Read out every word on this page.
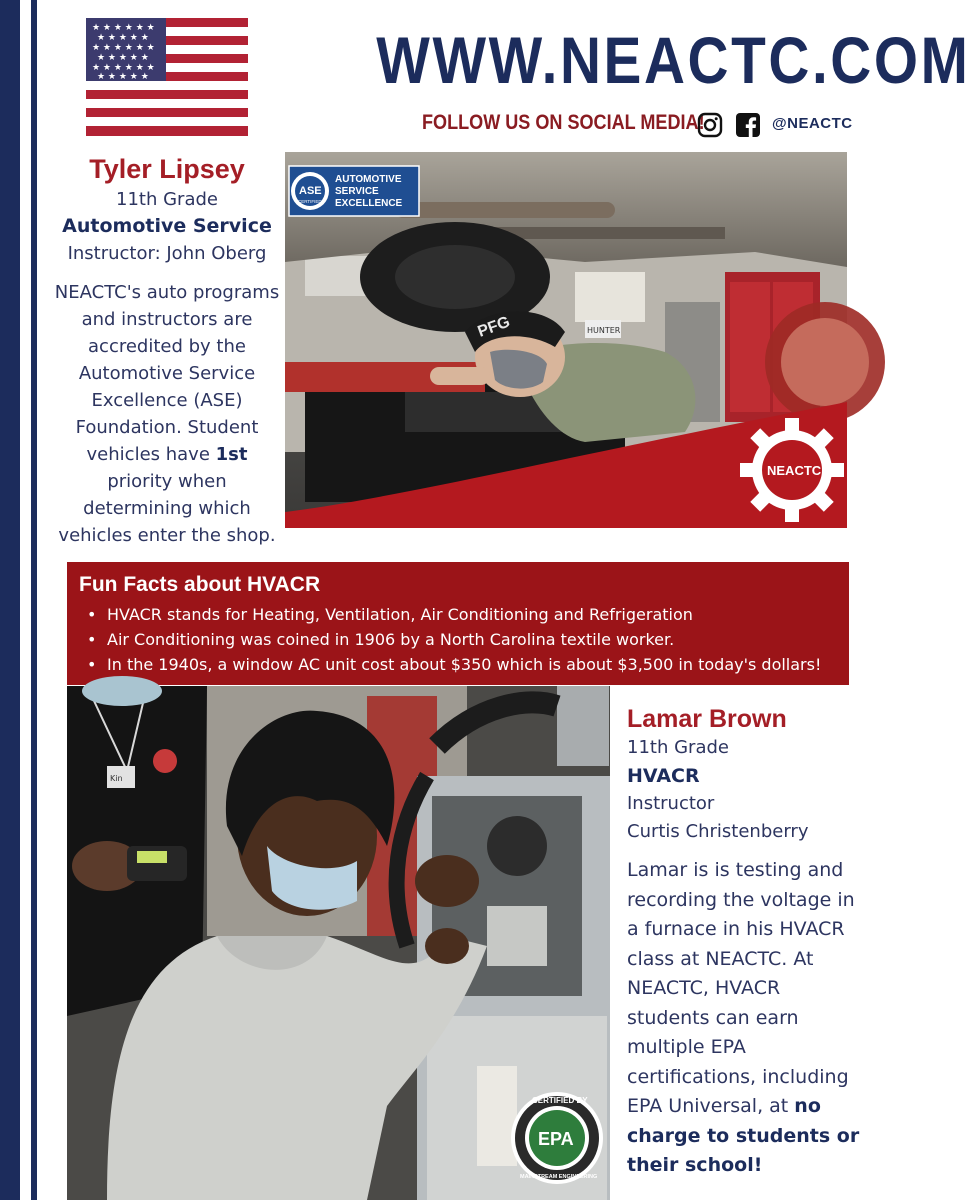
★ ★ ★ ★ ★ ★
★ ★ ★ ★ ★
★ ★ ★ ★ ★ ★
★ ★ ★ ★ ★
★ ★ ★ ★ ★ ★
★ ★ ★ ★ ★	WWW.NEACTC.COM
FOLLOW US ON SOCIAL MEDIA!	@NEACTC
Tyler Lipsey
11th Grade
Automotive Service
Instructor: John Oberg
NEACTC's auto programs and instructors are accredited by the Automotive Service Excellence (ASE) Foundation. Student vehicles have 1st priority when determining which vehicles enter the shop.
PFG	HUNTER
ASE
CERTIFIED
AUTOMOTIVE
SERVICE
EXCELLENCE
NEACTC
Fun Facts about HVACR
• HVACR stands for Heating, Ventilation, Air Conditioning and Refrigeration
• Air Conditioning was coined in 1906 by a North Carolina textile worker.
• In the 1940s, a window AC unit cost about $350 which is about $3,500 in today's dollars!
Kin
CERTIFIED BY
EPA
MAINSTREAM ENGINEERING
Lamar Brown
11th Grade
HVACR
Instructor
Curtis Christenberry
Lamar is is testing and recording the voltage in a furnace in his HVACR class at NEACTC. At NEACTC, HVACR students can earn multiple EPA certifications, including EPA Universal, at no charge to students or their school!
